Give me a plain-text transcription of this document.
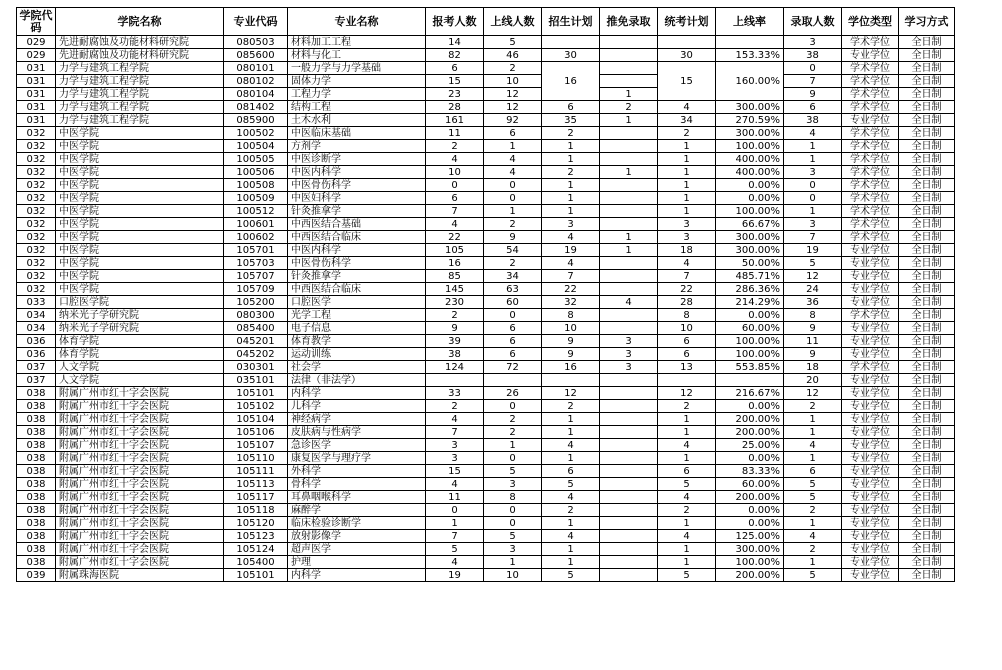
学院代码	学院名称	专业代码	专业名称	报考人数	上线人数	招生计划	推免录取	统考计划	上线率	录取人数	学位类型	学习方式
029	先进耐腐蚀及功能材料研究院	080503	材料加工工程	14	5					3	学术学位	全日制
029	先进耐腐蚀及功能材料研究院	085600	材料与化工	82	46	30		30	153.33%	38	专业学位	全日制
031	力学与建筑工程学院	080101	一般力学与力学基础	6	2	16		15	160.00%	0	学术学位	全日制
031	力学与建筑工程学院	080102	固体力学	15	10					7	学术学位	全日制
031	力学与建筑工程学院	080104	工程力学	23	12		1			9	学术学位	全日制
031	力学与建筑工程学院	081402	结构工程	28	12	6	2	4	300.00%	6	学术学位	全日制
031	力学与建筑工程学院	085900	土木水利	161	92	35	1	34	270.59%	38	专业学位	全日制
032	中医学院	100502	中医临床基础	11	6	2		2	300.00%	4	学术学位	全日制
032	中医学院	100504	方剂学	2	1	1		1	100.00%	1	学术学位	全日制
032	中医学院	100505	中医诊断学	4	4	1		1	400.00%	1	学术学位	全日制
032	中医学院	100506	中医内科学	10	4	2	1	1	400.00%	3	学术学位	全日制
032	中医学院	100508	中医骨伤科学	0	0	1		1	0.00%	0	学术学位	全日制
032	中医学院	100509	中医妇科学	6	0	1		1	0.00%	0	学术学位	全日制
032	中医学院	100512	针灸推拿学	7	1	1		1	100.00%	1	学术学位	全日制
032	中医学院	100601	中西医结合基础	4	2	3		3	66.67%	3	学术学位	全日制
032	中医学院	100602	中西医结合临床	22	9	4	1	3	300.00%	7	学术学位	全日制
032	中医学院	105701	中医内科学	105	54	19	1	18	300.00%	19	专业学位	全日制
032	中医学院	105703	中医骨伤科学	16	2	4		4	50.00%	5	专业学位	全日制
032	中医学院	105707	针灸推拿学	85	34	7		7	485.71%	12	专业学位	全日制
032	中医学院	105709	中西医结合临床	145	63	22		22	286.36%	24	专业学位	全日制
033	口腔医学院	105200	口腔医学	230	60	32	4	28	214.29%	36	专业学位	全日制
034	纳米光子学研究院	080300	光学工程	2	0	8		8	0.00%	8	学术学位	全日制
034	纳米光子学研究院	085400	电子信息	9	6	10		10	60.00%	9	专业学位	全日制
036	体育学院	045201	体育教学	39	6	9	3	6	100.00%	11	专业学位	全日制
036	体育学院	045202	运动训练	38	6	9	3	6	100.00%	9	专业学位	全日制
037	人文学院	030301	社会学	124	72	16	3	13	553.85%	18	学术学位	全日制
037	人文学院	035101	法律（非法学）							20	专业学位	全日制
038	附属广州市红十字会医院	105101	内科学	33	26	12		12	216.67%	12	专业学位	全日制
038	附属广州市红十字会医院	105102	儿科学	2	0	2		2	0.00%	2	专业学位	全日制
038	附属广州市红十字会医院	105104	神经病学	4	2	1		1	200.00%	1	专业学位	全日制
038	附属广州市红十字会医院	105106	皮肤病与性病学	7	2	1		1	200.00%	1	专业学位	全日制
038	附属广州市红十字会医院	105107	急诊医学	3	1	4		4	25.00%	4	专业学位	全日制
038	附属广州市红十字会医院	105110	康复医学与理疗学	3	0	1		1	0.00%	1	专业学位	全日制
038	附属广州市红十字会医院	105111	外科学	15	5	6		6	83.33%	6	专业学位	全日制
038	附属广州市红十字会医院	105113	骨科学	4	3	5		5	60.00%	5	专业学位	全日制
038	附属广州市红十字会医院	105117	耳鼻咽喉科学	11	8	4		4	200.00%	5	专业学位	全日制
038	附属广州市红十字会医院	105118	麻醉学	0	0	2		2	0.00%	2	专业学位	全日制
038	附属广州市红十字会医院	105120	临床检验诊断学	1	0	1		1	0.00%	1	专业学位	全日制
038	附属广州市红十字会医院	105123	放射影像学	7	5	4		4	125.00%	4	专业学位	全日制
038	附属广州市红十字会医院	105124	超声医学	5	3	1		1	300.00%	2	专业学位	全日制
038	附属广州市红十字会医院	105400	护理	4	1	1		1	100.00%	1	专业学位	全日制
039	附属珠海医院	105101	内科学	19	10	5		5	200.00%	5	专业学位	全日制
